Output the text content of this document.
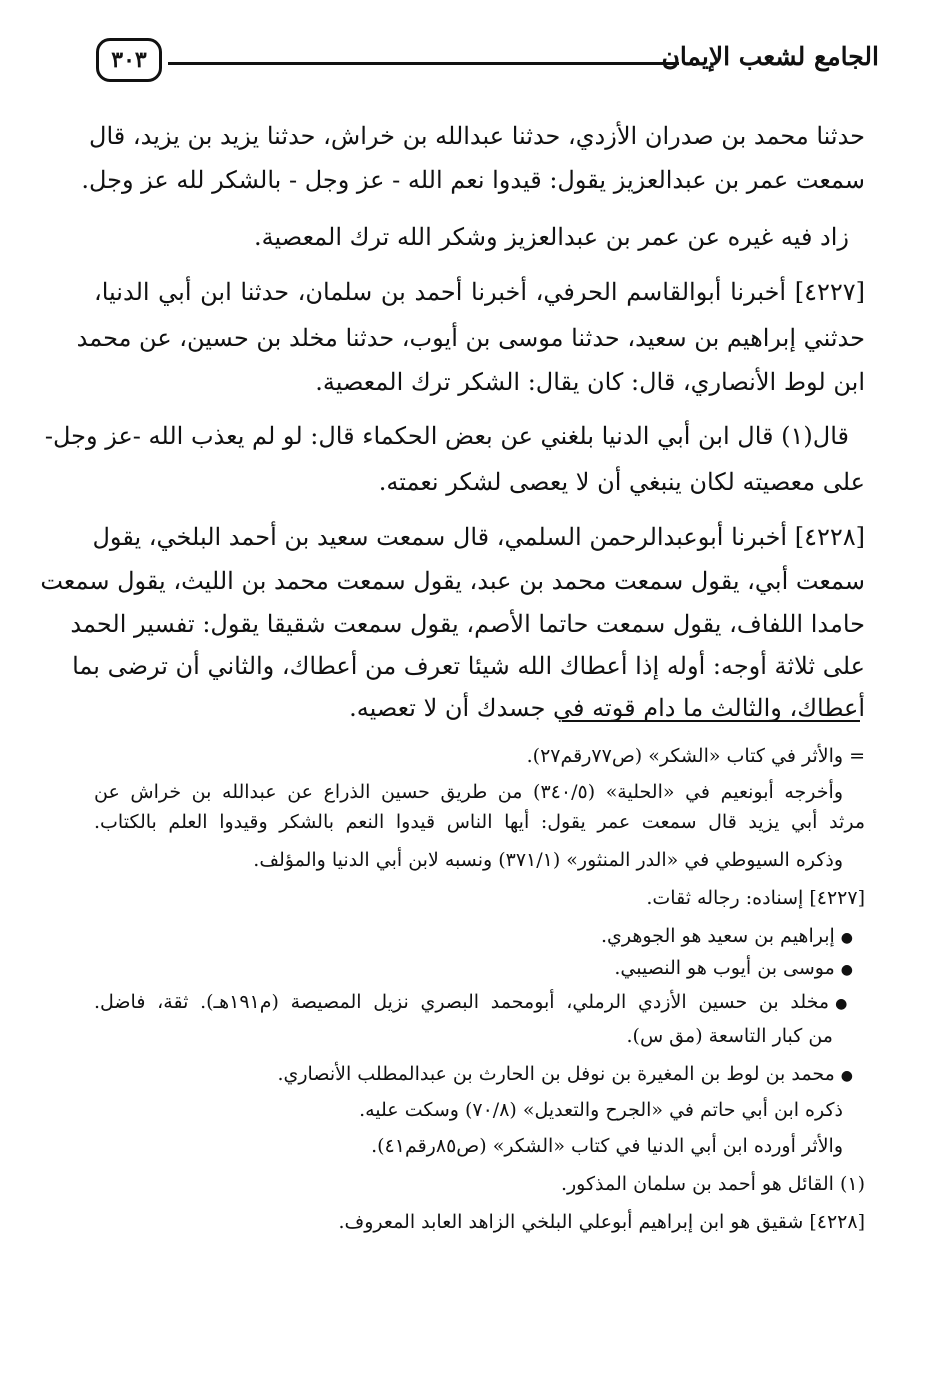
الجامع لشعب الإيمان
٣٠٣
حدثنا محمد بن صدران الأزدي، حدثنا عبدالله بن خراش، حدثنا يزيد بن يزيد، قال
سمعت عمر بن عبدالعزيز يقول: قيدوا نعم الله - عز وجل - بالشكر لله عز وجل.
زاد فيه غيره عن عمر بن عبدالعزيز وشكر الله ترك المعصية.
[٤٢٢٧] أخبرنا أبوالقاسم الحرفي، أخبرنا أحمد بن سلمان، حدثنا ابن أبي الدنيا،
حدثني إبراهيم بن سعيد، حدثنا موسى بن أيوب، حدثنا مخلد بن حسين، عن محمد
ابن لوط الأنصاري، قال: كان يقال: الشكر ترك المعصية.
قال(١) قال ابن أبي الدنيا بلغني عن بعض الحكماء قال: لو لم يعذب الله -عز وجل-
على معصيته لكان ينبغي أن لا يعصى لشكر نعمته.
[٤٢٢٨] أخبرنا أبوعبدالرحمن السلمي، قال سمعت سعيد بن أحمد البلخي، يقول
سمعت أبي، يقول سمعت محمد بن عبد، يقول سمعت محمد بن الليث، يقول سمعت
حامدا اللفاف، يقول سمعت حاتما الأصم، يقول سمعت شقيقا يقول: تفسير الحمد
على ثلاثة أوجه: أوله إذا أعطاك الله شيئا تعرف من أعطاك، والثاني أن ترضى بما
أعطاك، والثالث ما دام قوته في جسدك أن لا تعصيه.
= والأثر في كتاب «الشكر» (ص٧٧رقم٢٧).
وأخرجه أبونعيم في «الحلية» (٣٤٠/٥) من طريق حسين الذراع عن عبدالله بن خراش عن
مرثد أبي يزيد قال سمعت عمر يقول: أيها الناس قيدوا النعم بالشكر وقيدوا العلم بالكتاب.
وذكره السيوطي في «الدر المنثور» (٣٧١/١) ونسبه لابن أبي الدنيا والمؤلف.
[٤٢٢٧] إسناده: رجاله ثقات.
● إبراهيم بن سعيد هو الجوهري.
● موسى بن أيوب هو النصيبي.
● مخلد بن حسين الأزدي الرملي، أبومحمد البصري نزيل المصيصة (م١٩١هـ). ثقة، فاضل.
من كبار التاسعة (مق س).
● محمد بن لوط بن المغيرة بن نوفل بن الحارث بن عبدالمطلب الأنصاري.
ذكره ابن أبي حاتم في «الجرح والتعديل» (٧٠/٨) وسكت عليه.
والأثر أورده ابن أبي الدنيا في كتاب «الشكر» (ص٨٥رقم٤١).
(١) القائل هو أحمد بن سلمان المذكور.
[٤٢٢٨] شقيق هو ابن إبراهيم أبوعلي البلخي الزاهد العابد المعروف.
